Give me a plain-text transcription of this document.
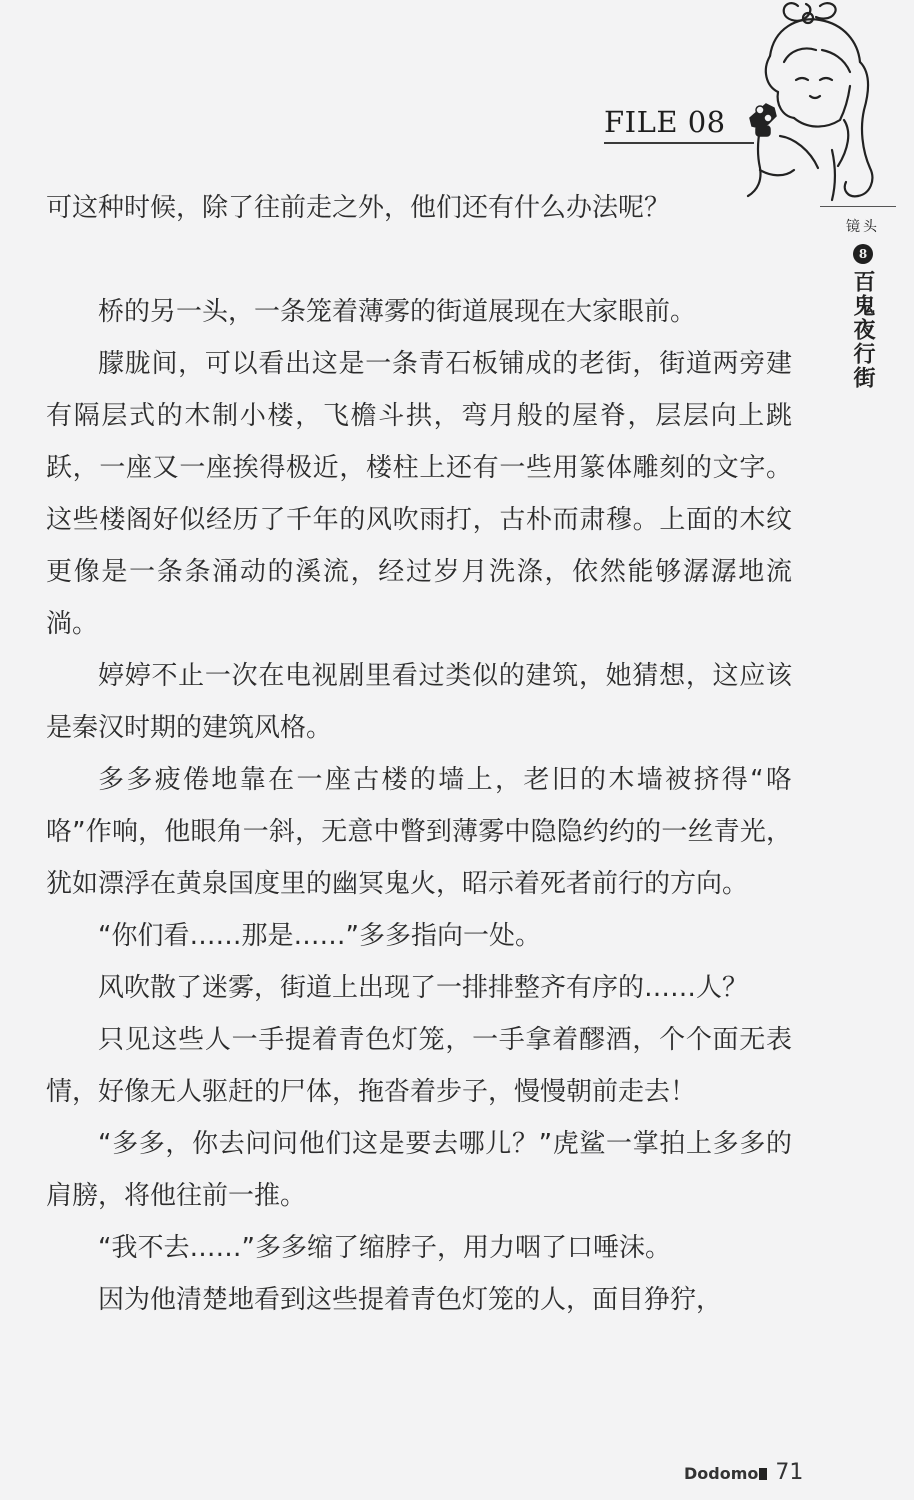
FILE 08
镜头
8
百鬼夜行街

可这种时候，除了往前走之外，他们还有什么办法呢？

桥的另一头，一条笼着薄雾的街道展现在大家眼前。

朦胧间，可以看出这是一条青石板铺成的老街，街道两旁建有隔层式的木制小楼，飞檐斗拱，弯月般的屋脊，层层向上跳跃，一座又一座挨得极近，楼柱上还有一些用篆体雕刻的文字。这些楼阁好似经历了千年的风吹雨打，古朴而肃穆。上面的木纹更像是一条条涌动的溪流，经过岁月洗涤，依然能够潺潺地流淌。

婷婷不止一次在电视剧里看过类似的建筑，她猜想，这应该是秦汉时期的建筑风格。

多多疲倦地靠在一座古楼的墙上，老旧的木墙被挤得“咯咯”作响，他眼角一斜，无意中瞥到薄雾中隐隐约约的一丝青光，犹如漂浮在黄泉国度里的幽冥鬼火，昭示着死者前行的方向。

“你们看……那是……”多多指向一处。

风吹散了迷雾，街道上出现了一排排整齐有序的……人？

只见这些人一手提着青色灯笼，一手拿着醪酒，个个面无表情，好像无人驱赶的尸体，拖沓着步子，慢慢朝前走去！

“多多，你去问问他们这是要去哪儿？”虎鲨一掌拍上多多的肩膀，将他往前一推。

“我不去……”多多缩了缩脖子，用力咽了口唾沫。

因为他清楚地看到这些提着青色灯笼的人，面目狰狞，

Dodomo 71
